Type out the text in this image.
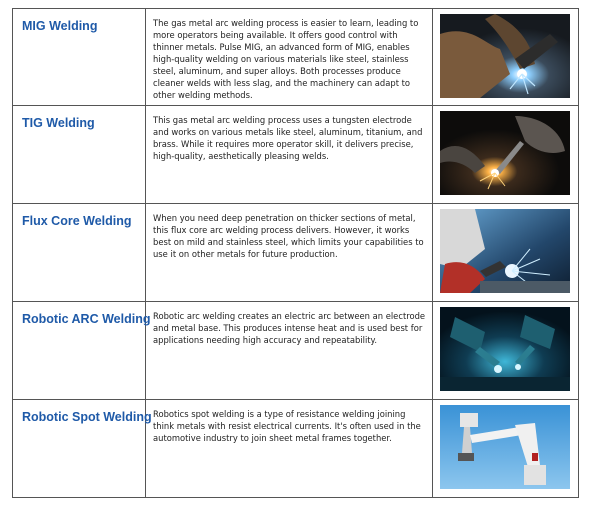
MIG Welding	The gas metal arc welding process is easier to learn, leading to more operators being available. It offers good control with thinner metals. Pulse MIG, an advanced form of MIG, enables high-quality welding on various materials like steel, stainless steel, aluminum, and super alloys. Both processes produce cleaner welds with less slag, and the machinery can adapt to other welding methods.

TIG Welding	This gas metal arc welding process uses a tungsten electrode and works on various metals like steel, aluminum, titanium, and brass. While it requires more operator skill, it delivers precise, high-quality, aesthetically pleasing welds.

Flux Core Welding	When you need deep penetration on thicker sections of metal, this flux core arc welding process delivers. However, it works best on mild and stainless steel, which limits your capabilities to use it on other metals for future production.

Robotic ARC Welding	Robotic arc welding creates an electric arc between an electrode and metal base. This produces intense heat and is used best for applications needing high accuracy and repeatability.

Robotic Spot Welding	Robotics spot welding is a type of resistance welding joining think metals with resist electrical currents. It's often used in the automotive industry to join sheet metal frames together.
